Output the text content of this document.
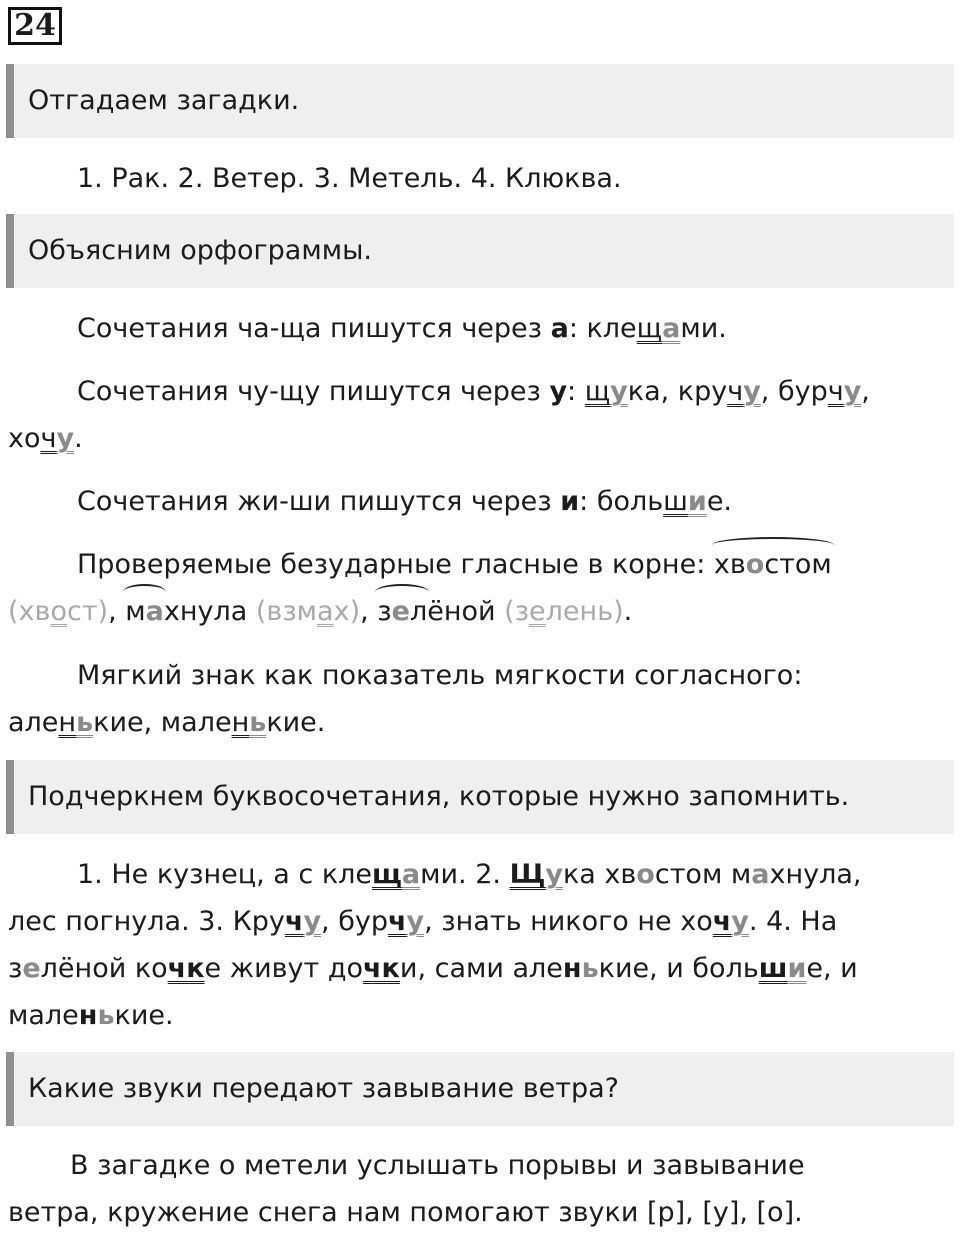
24
Отгадаем загадки.
1. Рак. 2. Ветер. 3. Метель. 4. Клюква.
Объясним орфограммы.
Сочетания ча-ща пишутся через а: клещами.
Сочетания чу-щу пишутся через у: щука, кручу, бурчу,
хочу.
Сочетания жи-ши пишутся через и: большие.
Проверяемые безударные гласные в корне: хвостом
(хвост), махнула (взмах), зелёной (зелень).
Мягкий знак как показатель мягкости согласного:
аленькие, маленькие.
Подчеркнем буквосочетания, которые нужно запомнить.
1. Не кузнец, а с клещами. 2. Щука хвостом махнула,
лес погнула. 3. Кручу, бурчу, знать никого не хочу. 4. На
зелёной кочке живут дочки, сами аленькие, и большие, и
маленькие.
Какие звуки передают завывание ветра?
В загадке о метели услышать порывы и завывание
ветра, кружение снега нам помогают звуки [р], [у], [о].
